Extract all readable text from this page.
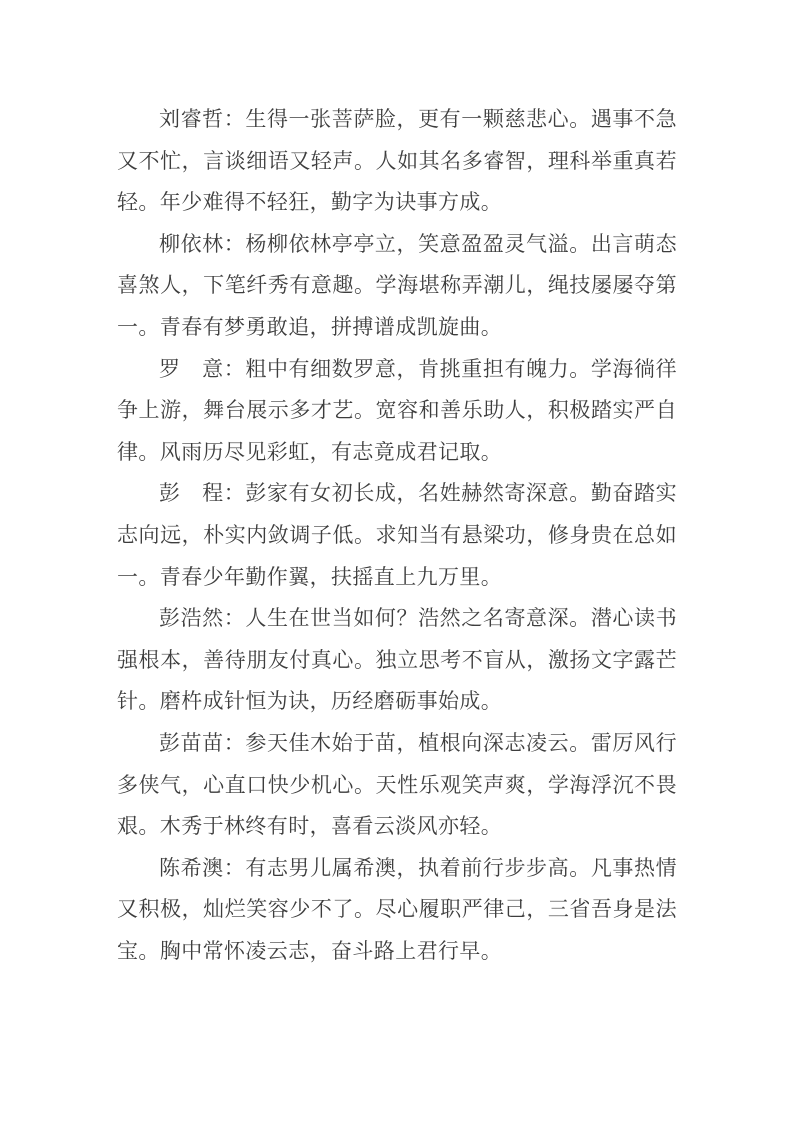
刘睿哲：生得一张菩萨脸，更有一颗慈悲心。遇事不急又不忙，言谈细语又轻声。人如其名多睿智，理科举重真若轻。年少难得不轻狂，勤字为诀事方成。

柳依林：杨柳依林亭亭立，笑意盈盈灵气溢。出言萌态喜煞人，下笔纤秀有意趣。学海堪称弄潮儿，绳技屡屡夺第一。青春有梦勇敢追，拼搏谱成凯旋曲。

罗　意：粗中有细数罗意，肯挑重担有魄力。学海徜徉争上游，舞台展示多才艺。宽容和善乐助人，积极踏实严自律。风雨历尽见彩虹，有志竟成君记取。

彭　程：彭家有女初长成，名姓赫然寄深意。勤奋踏实志向远，朴实内敛调子低。求知当有悬梁功，修身贵在总如一。青春少年勤作翼，扶摇直上九万里。

彭浩然：人生在世当如何？浩然之名寄意深。潜心读书强根本，善待朋友付真心。独立思考不盲从，激扬文字露芒针。磨杵成针恒为诀，历经磨砺事始成。

彭苗苗：参天佳木始于苗，植根向深志凌云。雷厉风行多侠气，心直口快少机心。天性乐观笑声爽，学海浮沉不畏艰。木秀于林终有时，喜看云淡风亦轻。

陈希澳：有志男儿属希澳，执着前行步步高。凡事热情又积极，灿烂笑容少不了。尽心履职严律己，三省吾身是法宝。胸中常怀凌云志，奋斗路上君行早。
